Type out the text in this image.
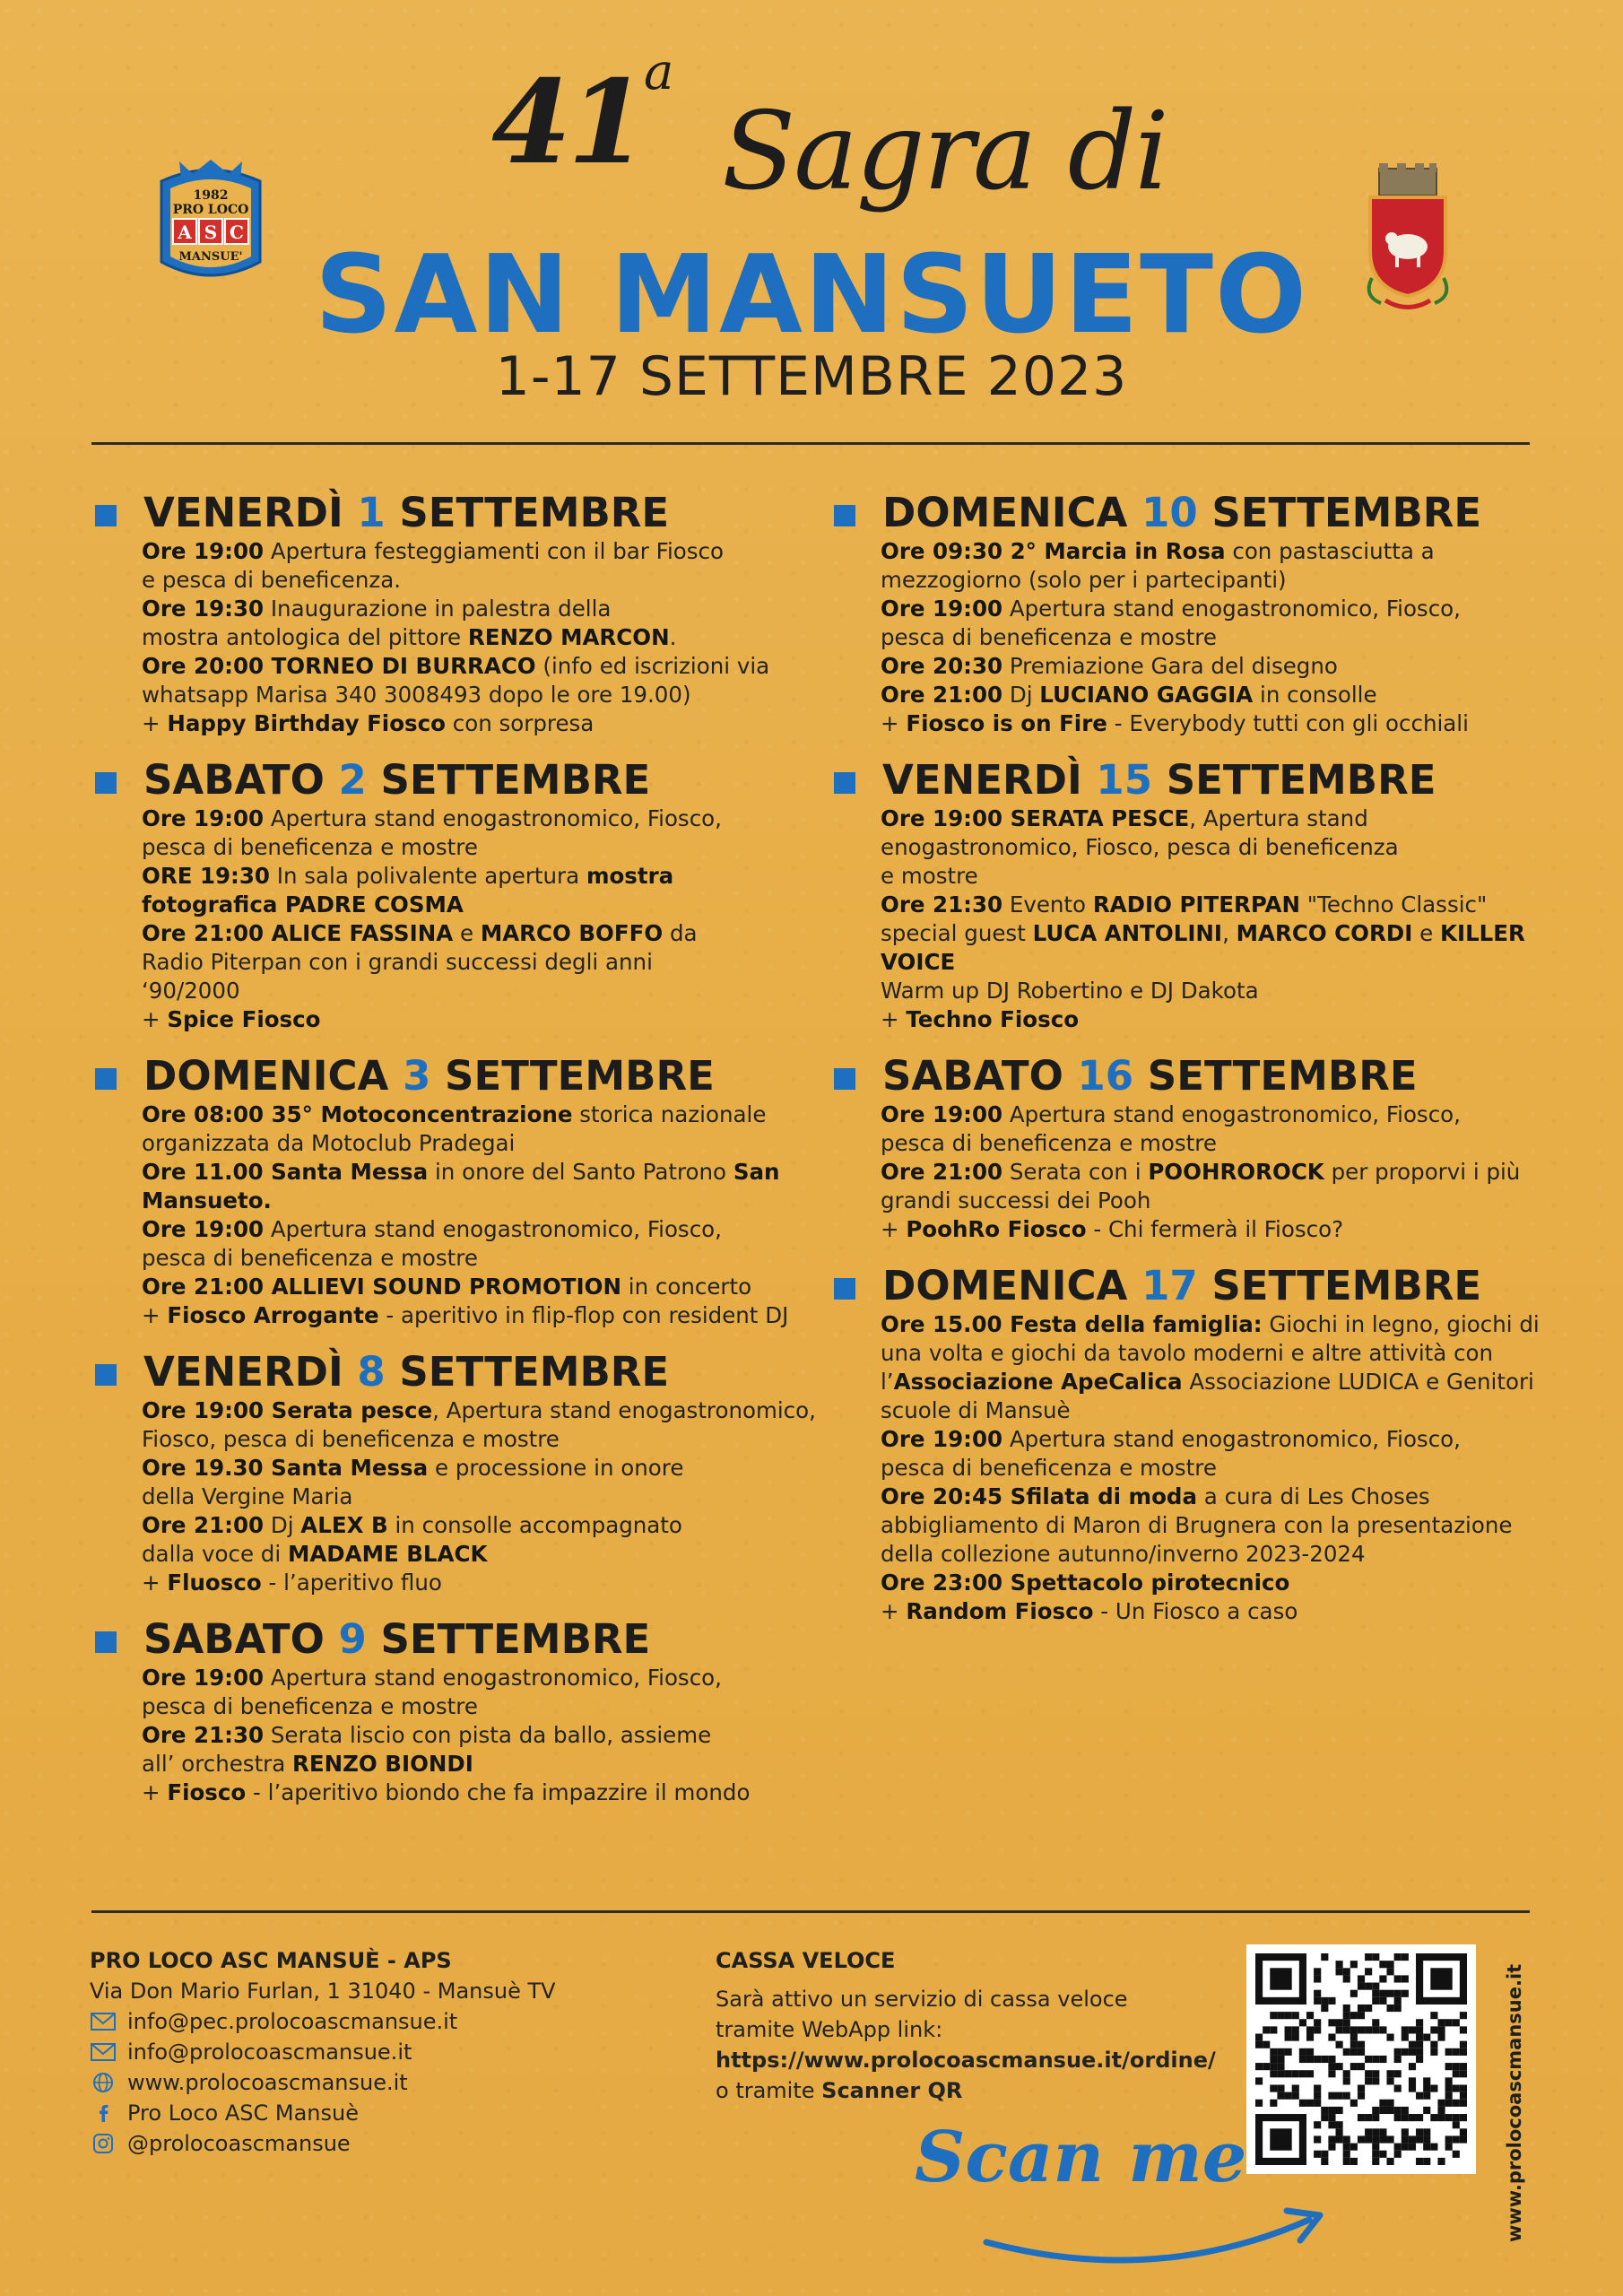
41 a
Sagra di
SAN MANSUETO
1-17 SETTEMBRE 2023
1982
PRO LOCO
A S C
MANSUE'
VENERDÌ 1 SETTEMBRE
Ore 19:00 Apertura festeggiamenti con il bar Fiosco
e pesca di beneficenza.
Ore 19:30 Inaugurazione in palestra della
mostra antologica del pittore RENZO MARCON.
Ore 20:00 TORNEO DI BURRACO (info ed iscrizioni via
whatsapp Marisa 340 3008493 dopo le ore 19.00)
+ Happy Birthday Fiosco con sorpresa
SABATO 2 SETTEMBRE
Ore 19:00 Apertura stand enogastronomico, Fiosco,
pesca di beneficenza e mostre
ORE 19:30 In sala polivalente apertura mostra
fotografica PADRE COSMA
Ore 21:00 ALICE FASSINA e MARCO BOFFO da
Radio Piterpan con i grandi successi degli anni
‘90/2000
+ Spice Fiosco
DOMENICA 3 SETTEMBRE
Ore 08:00 35° Motoconcentrazione storica nazionale
organizzata da Motoclub Pradegai
Ore 11.00 Santa Messa in onore del Santo Patrono San
Mansueto.
Ore 19:00 Apertura stand enogastronomico, Fiosco,
pesca di beneficenza e mostre
Ore 21:00 ALLIEVI SOUND PROMOTION in concerto
+ Fiosco Arrogante - aperitivo in flip-flop con resident DJ
VENERDÌ 8 SETTEMBRE
Ore 19:00 Serata pesce, Apertura stand enogastronomico,
Fiosco, pesca di beneficenza e mostre
Ore 19.30 Santa Messa e processione in onore
della Vergine Maria
Ore 21:00 Dj ALEX B in consolle accompagnato
dalla voce di MADAME BLACK
+ Fluosco - l’aperitivo fluo
SABATO 9 SETTEMBRE
Ore 19:00 Apertura stand enogastronomico, Fiosco,
pesca di beneficenza e mostre
Ore 21:30 Serata liscio con pista da ballo, assieme
all’ orchestra RENZO BIONDI
+ Fiosco - l’aperitivo biondo che fa impazzire il mondo
DOMENICA 10 SETTEMBRE
Ore 09:30 2° Marcia in Rosa con pastasciutta a
mezzogiorno (solo per i partecipanti)
Ore 19:00 Apertura stand enogastronomico, Fiosco,
pesca di beneficenza e mostre
Ore 20:30 Premiazione Gara del disegno
Ore 21:00 Dj LUCIANO GAGGIA in consolle
+ Fiosco is on Fire - Everybody tutti con gli occhiali
VENERDÌ 15 SETTEMBRE
Ore 19:00 SERATA PESCE, Apertura stand
enogastronomico, Fiosco, pesca di beneficenza
e mostre
Ore 21:30 Evento RADIO PITERPAN "Techno Classic"
special guest LUCA ANTOLINI, MARCO CORDI e KILLER
VOICE
Warm up DJ Robertino e DJ Dakota
+ Techno Fiosco
SABATO 16 SETTEMBRE
Ore 19:00 Apertura stand enogastronomico, Fiosco,
pesca di beneficenza e mostre
Ore 21:00 Serata con i POOHROROCK per proporvi i più
grandi successi dei Pooh
+ PoohRo Fiosco - Chi fermerà il Fiosco?
DOMENICA 17 SETTEMBRE
Ore 15.00 Festa della famiglia: Giochi in legno, giochi di
una volta e giochi da tavolo moderni e altre attività con
l’Associazione ApeCalica Associazione LUDICA e Genitori
scuole di Mansuè
Ore 19:00 Apertura stand enogastronomico, Fiosco,
pesca di beneficenza e mostre
Ore 20:45 Sfilata di moda a cura di Les Choses
abbigliamento di Maron di Brugnera con la presentazione
della collezione autunno/inverno 2023-2024
Ore 23:00 Spettacolo pirotecnico
+ Random Fiosco - Un Fiosco a caso
PRO LOCO ASC MANSUÈ - APS
Via Don Mario Furlan, 1 31040 - Mansuè TV
info@pec.prolocoascmansue.it
info@prolocoascmansue.it
www.prolocoascmansue.it
Pro Loco ASC Mansuè
@prolocoascmansue
CASSA VELOCE
Sarà attivo un servizio di cassa veloce
tramite WebApp link:
https://www.prolocoascmansue.it/ordine/
o tramite Scanner QR
Scan me	www.prolocoascmansue.it
